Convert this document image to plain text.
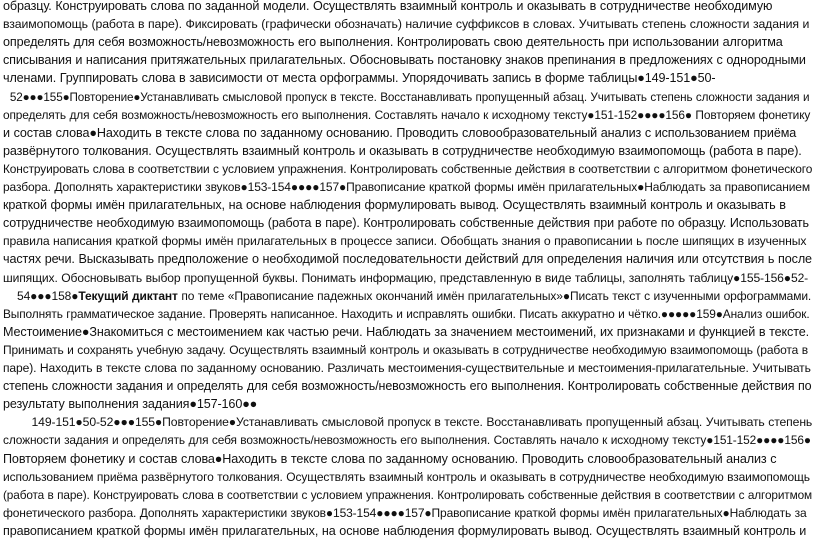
образцу. Конструировать слова по заданной модели. Осуществлять взаимный контроль и оказывать в сотрудничестве необходимую
взаимопомощь (работа в паре). Фиксировать (графически обозначать) наличие суффиксов в словах. Учитывать степень сложности задания и
определять для себя возможность/невозможность его выполнения. Контролировать свою деятельность при использовании алгоритма
списывания и написания притяжательных прилагательных. Обосновывать постановку знаков препинания в предложениях с однородными
членами. Группировать слова в зависимости от места орфограммы. Упорядочивать запись в форме таблицы●149-151●50-
52●●●155●Повторение●Устанавливать смысловой пропуск в тексте. Восстанавливать пропущенный абзац. Учитывать степень сложности задания и
определять для себя возможность/невозможность его выполнения. Составлять начало к исходному тексту●151-152●●●●156● Повторяем фонетику
и состав слова●Находить в тексте слова по заданному основанию. Проводить словообразовательный анализ с использованием приёма
развёрнутого толкования. Осуществлять взаимный контроль и оказывать в сотрудничестве необходимую взаимопомощь (работа в паре).
Конструировать слова в соответствии с условием упражнения. Контролировать собственные действия в соответствии с алгоритмом фонетического
разбора. Дополнять характеристики звуков●153-154●●●●157●Правописание краткой формы имён прилагательных●Наблюдать за правописанием
краткой формы имён прилагательных, на основе наблюдения формулировать вывод. Осуществлять взаимный контроль и оказывать в
сотрудничестве необходимую взаимопомощь (работа в паре). Контролировать собственные действия при работе по образцу. Использовать
правила написания краткой формы имён прилагательных в процессе записи. Обобщать знания о правописании ь после шипящих в изученных
частях речи. Высказывать предположение о необходимой последовательности действий для определения наличия или отсутствия ь после
шипящих. Обосновывать выбор пропущенной буквы. Понимать информацию, представленную в виде таблицы, заполнять таблицу●155-156●52-
54●●●158●Текущий диктант по теме «Правописание падежных окончаний имён прилагательных»●Писать текст с изученными орфограммами.
Выполнять грамматическое задание. Проверять написанное. Находить и исправлять ошибки. Писать аккуратно и чётко.●●●●●159●Анализ ошибок.
Местоимение●Знакомиться с местоимением как частью речи. Наблюдать за значением местоимений, их признаками и функцией в тексте.
Принимать и сохранять учебную задачу. Осуществлять взаимный контроль и оказывать в сотрудничестве необходимую взаимопомощь (работа в
паре). Находить в тексте слова по заданному основанию. Различать местоимения-существительные и местоимения-прилагательные. Учитывать
степень сложности задания и определять для себя возможность/невозможность его выполнения. Контролировать собственные действия по
результату выполнения задания●157-160●●
149-151●50-52●●●155●Повторение●Устанавливать смысловой пропуск в тексте. Восстанавливать пропущенный абзац. Учитывать степень
сложности задания и определять для себя возможность/невозможность его выполнения. Составлять начало к исходному тексту●151-152●●●●156●
Повторяем фонетику и состав слова●Находить в тексте слова по заданному основанию. Проводить словообразовательный анализ с
использованием приёма развёрнутого толкования. Осуществлять взаимный контроль и оказывать в сотрудничестве необходимую взаимопомощь
(работа в паре). Конструировать слова в соответствии с условием упражнения. Контролировать собственные действия в соответствии с алгоритмом
фонетического разбора. Дополнять характеристики звуков●153-154●●●●157●Правописание краткой формы имён прилагательных●Наблюдать за
правописанием краткой формы имён прилагательных, на основе наблюдения формулировать вывод. Осуществлять взаимный контроль и
